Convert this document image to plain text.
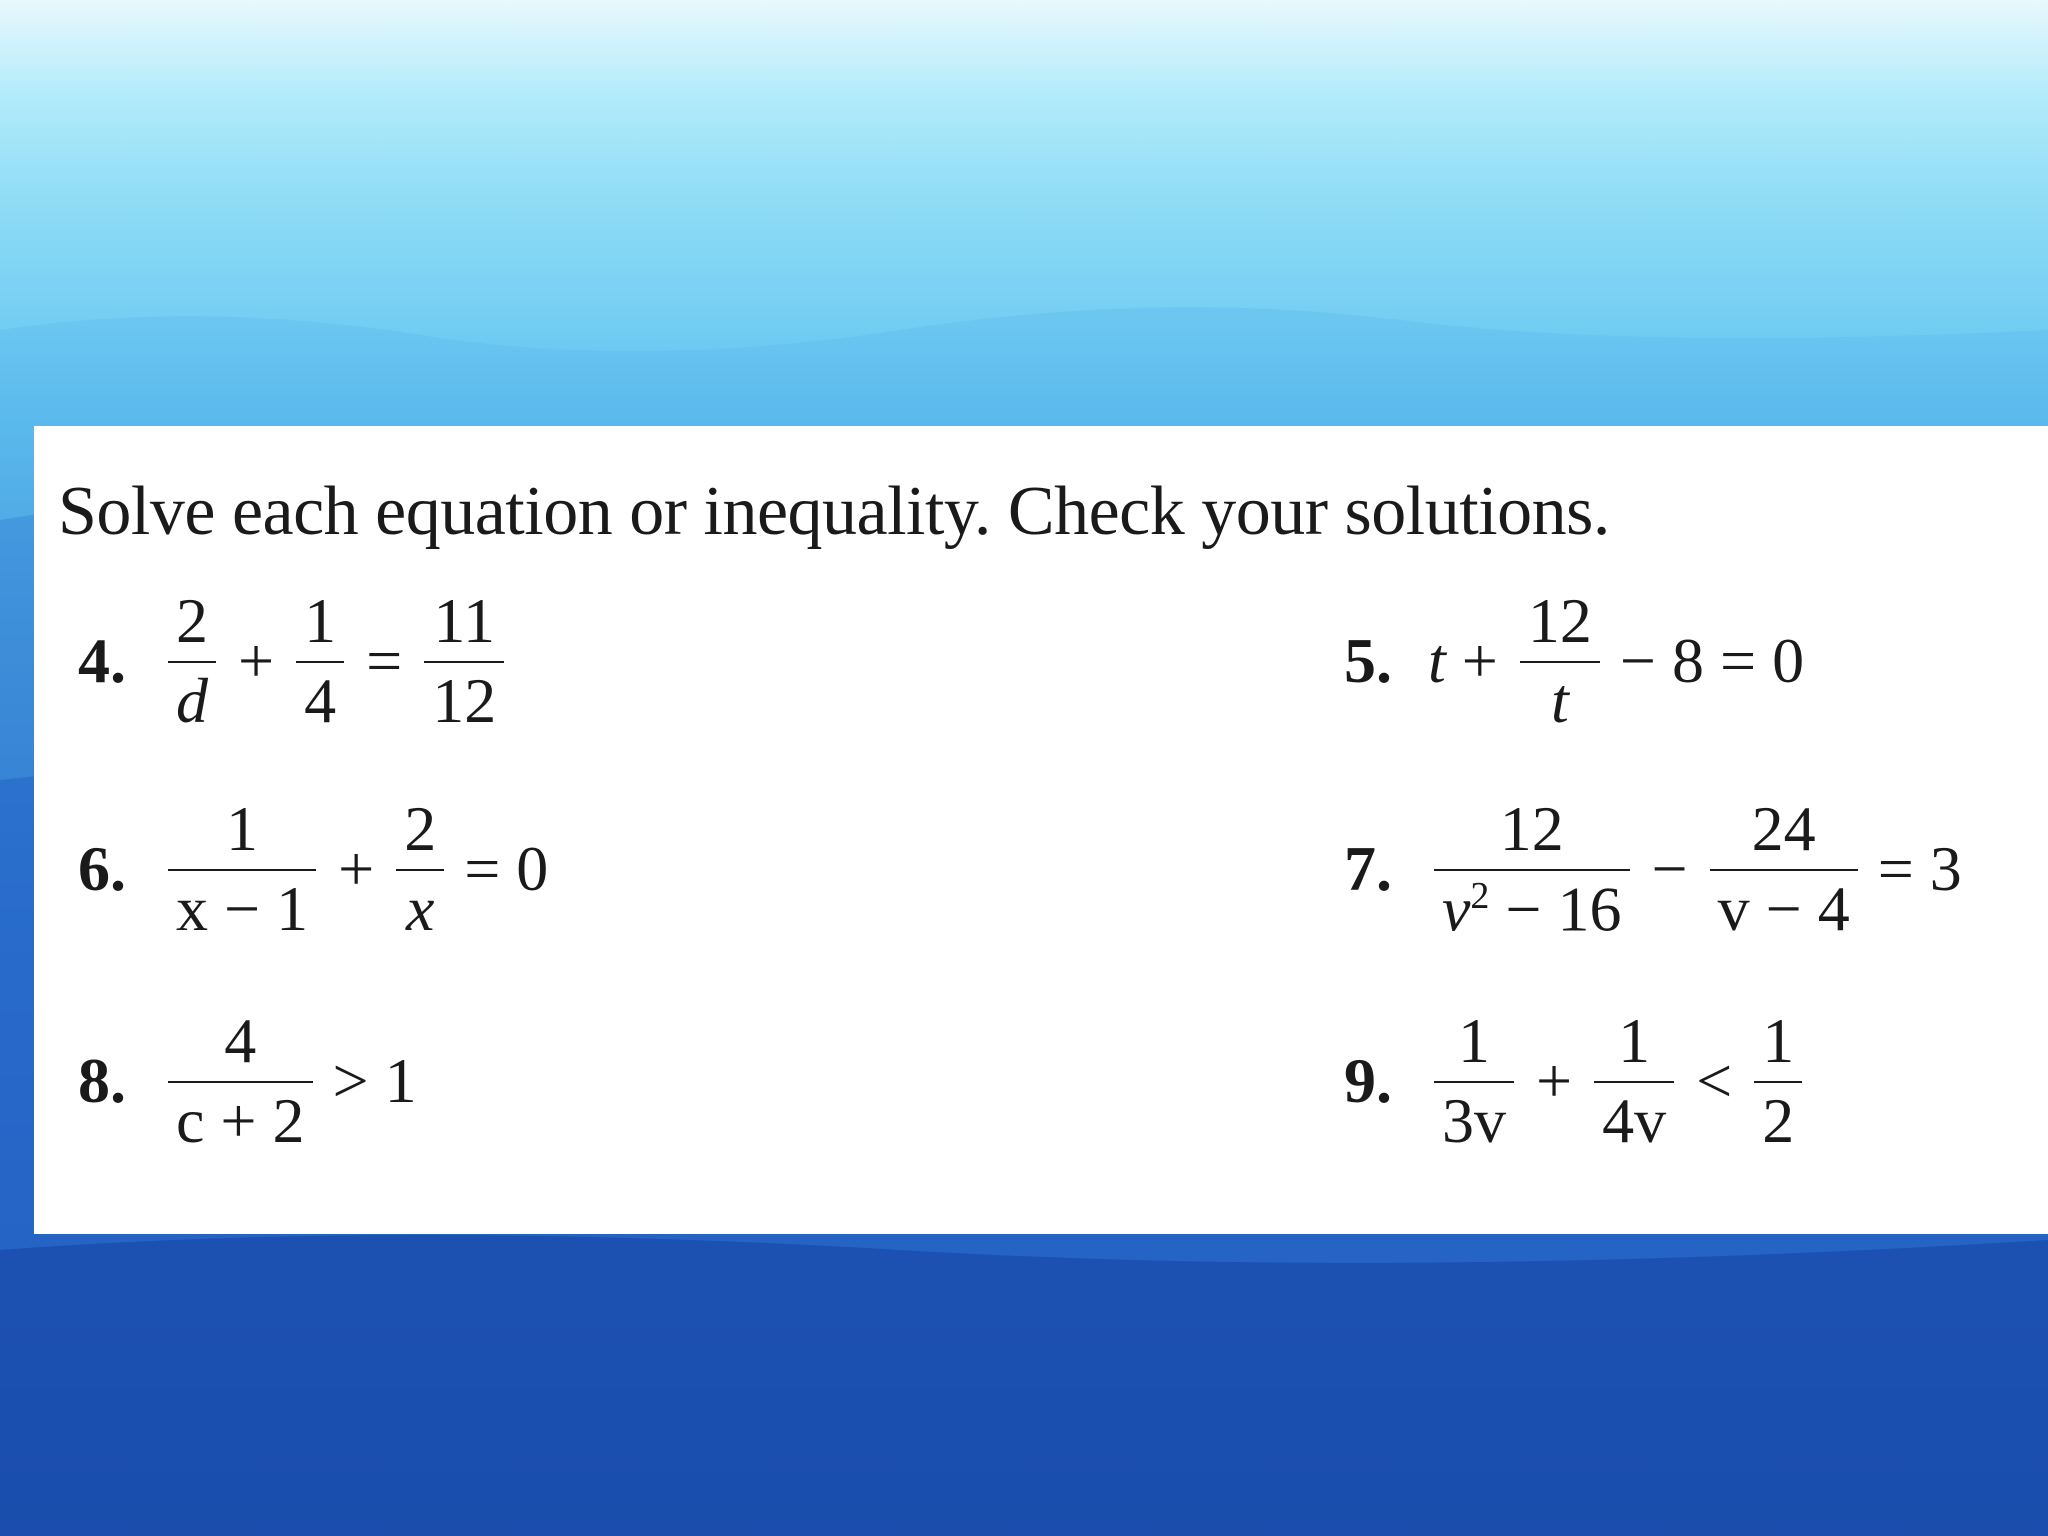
Solve each equation or inequality. Check your solutions.
4. $\frac{2}{d} + \frac{1}{4} = \frac{11}{12}$	5. $t + \frac{12}{t} - 8 = 0$
6. $\frac{1}{x - 1} + \frac{2}{x} = 0$	7. $\frac{12}{v^2 - 16} - \frac{24}{v - 4} = 3$
8. $\frac{4}{c + 2} > 1$	9. $\frac{1}{3v} + \frac{1}{4v} < \frac{1}{2}$
